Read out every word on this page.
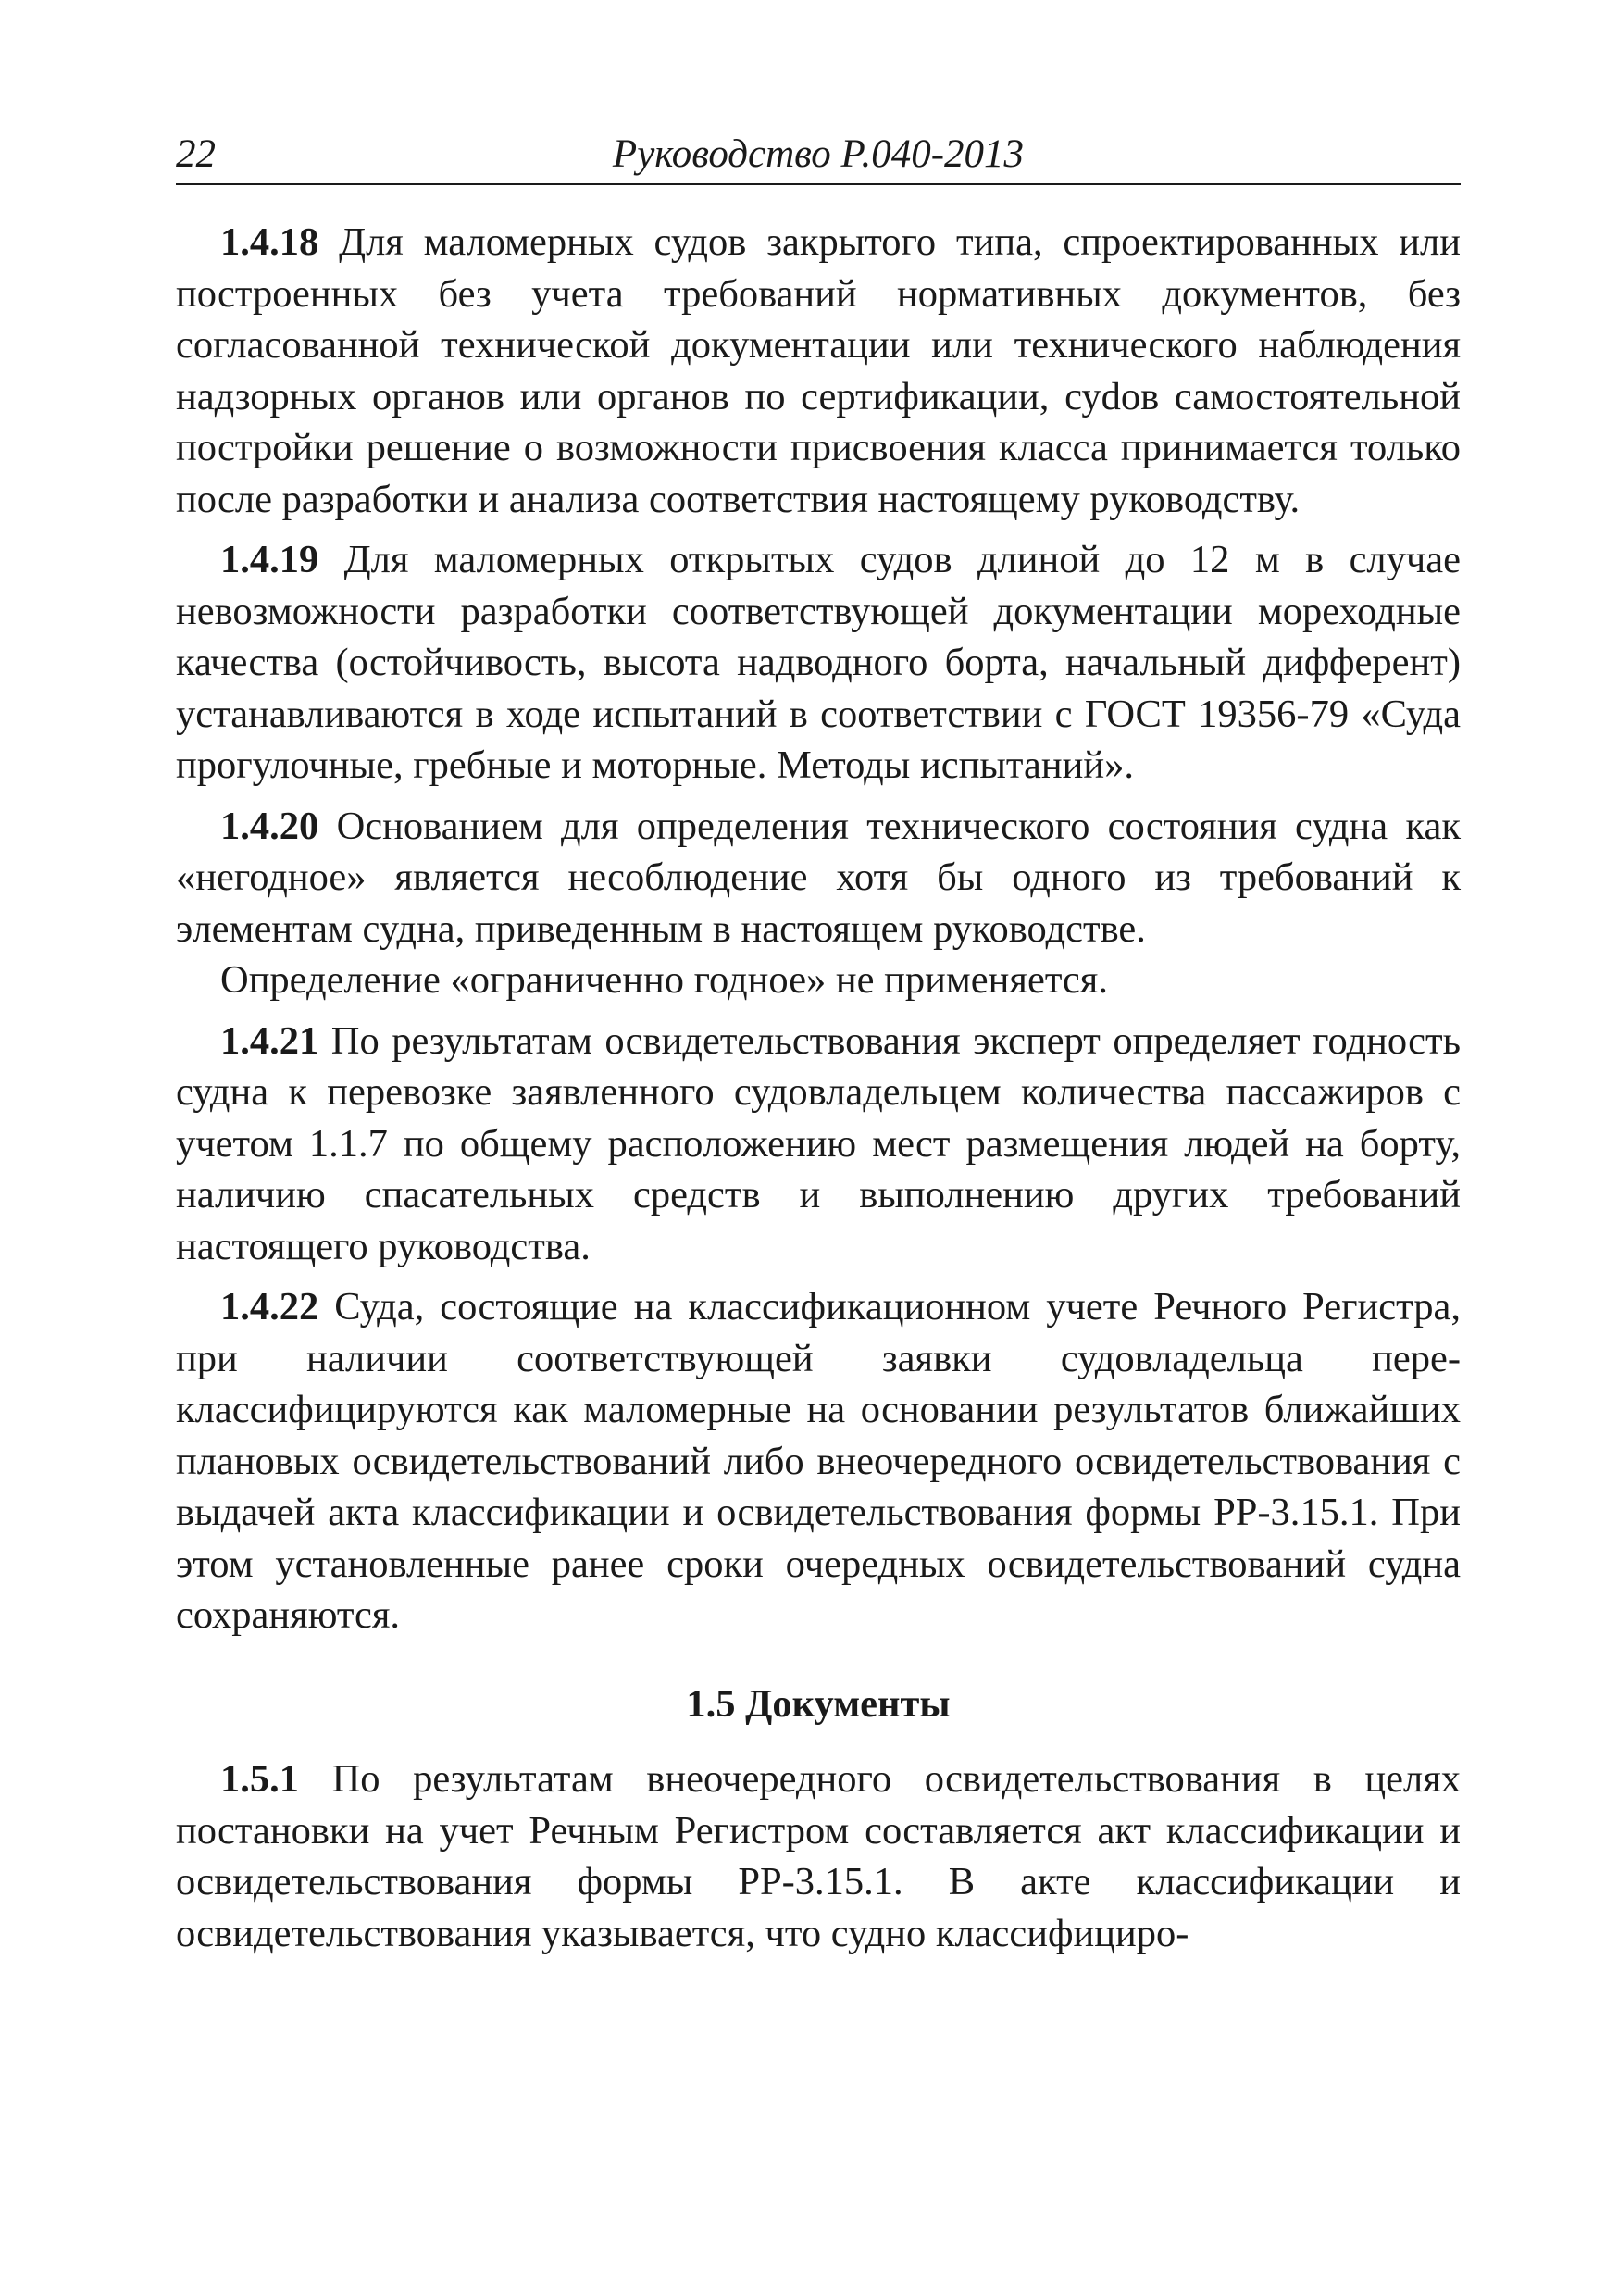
22	Руководство Р.040-2013

1.4.18 Для маломерных судов закрытого типа, спроектированных или построенных без учета требований нормативных документов, без согласованной технической документации или технического наблюдения надзорных органов или органов по сертификации, суdов самостоятельной постройки решение о возможности присвоения класса принимается только после разработки и анализа соответствия настоящему руководству.

1.4.19 Для маломерных открытых судов длиной до 12 м в случае невозможности разработки соответствующей документации мореходные качества (остойчивость, высота надводного борта, начальный дифферент) устанавливаются в ходе испытаний в соответствии с ГОСТ 19356-79 «Суда прогулочные, гребные и моторные. Методы испытаний».

1.4.20 Основанием для определения технического состояния судна как «негодное» является несоблюдение хотя бы одного из требований к элементам судна, приведенным в настоящем руководстве.

Определение «ограниченно годное» не применяется.

1.4.21 По результатам освидетельствования эксперт определяет годность судна к перевозке заявленного судовладельцем количества пассажиров с учетом 1.1.7 по общему расположению мест размещения людей на борту, наличию спасательных средств и выполнению других требований настоящего руководства.

1.4.22 Суда, состоящие на классификационном учете Речного Регистра, при наличии соответствующей заявки судовладельца переклассифицируются как маломерные на основании результатов ближайших плановых освидетельствований либо внеочередного освидетельствования с выдачей акта классификации и освидетельствования формы РР-3.15.1. При этом установленные ранее сроки очередных освидетельствований судна сохраняются.

1.5 Документы

1.5.1 По результатам внеочередного освидетельствования в целях постановки на учет Речным Регистром составляется акт классификации и освидетельствования формы РР-3.15.1. В акте классификации и освидетельствования указывается, что судно классифициро-
